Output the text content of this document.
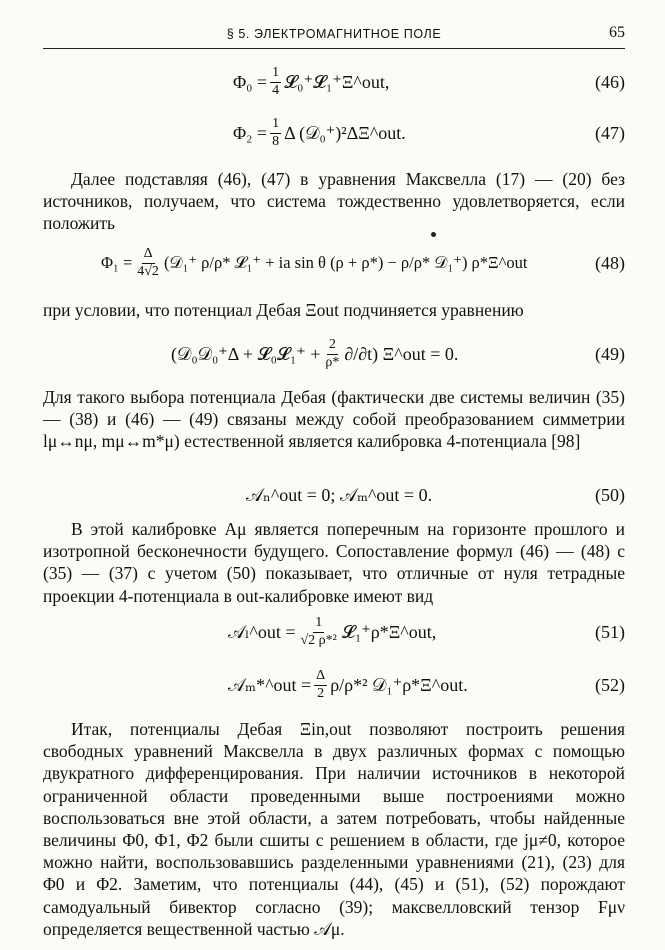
§ 5. ЭЛЕКТРОМАГНИТНОЕ ПОЛЕ	65
$\Phi_0 = \frac{1}{4}$ 𝓛₀⁺𝓛₁⁺Ξ^out,	(46)
$\Phi_2 = \frac{1}{8}$ Δ (𝒟₀⁺)²ΔΞ^out.	(47)

Далее подставляя (46), (47) в уравнения Максвелла (17) — (20) без источников, получаем, что система тождественно удовлетворяется, если положить

$\Phi_1 = \frac{\Delta}{4√2}$ (𝒟₁⁺ ρ/ρ* 𝓛₁⁺ + ia sin θ (ρ + ρ*) − ρ/ρ* 𝒟₁⁺) ρ*Ξ^out	(48)

при условии, что потенциал Дебая Ξout подчиняется уравнению

(𝒟₀𝒟₀⁺Δ + 𝓛₀𝓛₁⁺ + $\frac{2}{\rho*} \partial/\partial t$) Ξ^out = 0.	(49)

Для такого выбора потенциала Дебая (фактически две системы величин (35) — (38) и (46) — (49) связаны между собой преобразованием симметрии lμ↔nμ, mμ↔m*μ) естественной является калибровка 4-потенциала [98]

𝒜ₙ^out = 0; 𝒜ₘ^out = 0.	(50)

В этой калибровке Aμ является поперечным на горизонте прошлого и изотропной бесконечности будущего. Сопоставление формул (46) — (48) с (35) — (37) с учетом (50) показывает, что отличные от нуля тетрадные проекции 4-потенциала в out-калибровке имеют вид

𝒜ₗ^out = $\frac{1}{\text{√2 ρ*²}}$ 𝓛₁⁺ρ*Ξ^out,	(51)
𝒜ₘ*^out = $\frac{\Delta}{2} \rho/\rho*^2$ 𝒟₁⁺ρ*Ξ^out.	(52)

Итак, потенциалы Дебая Ξin,out позволяют построить решения свободных уравнений Максвелла в двух различных формах с помощью двукратного дифференцирования. При наличии источников в некоторой ограниченной области проведенными выше построениями можно воспользоваться вне этой области, а затем потребовать, чтобы найденные величины Φ0, Φ1, Φ2 были сшиты с решением в области, где jμ≠0, которое можно найти, воспользовавшись разделенными уравнениями (21), (23) для Φ0 и Φ2. Заметим, что потенциалы (44), (45) и (51), (52) порождают самодуальный бивектор согласно (39); максвелловский тензор Fμν определяется вещественной частью 𝒜μ.
